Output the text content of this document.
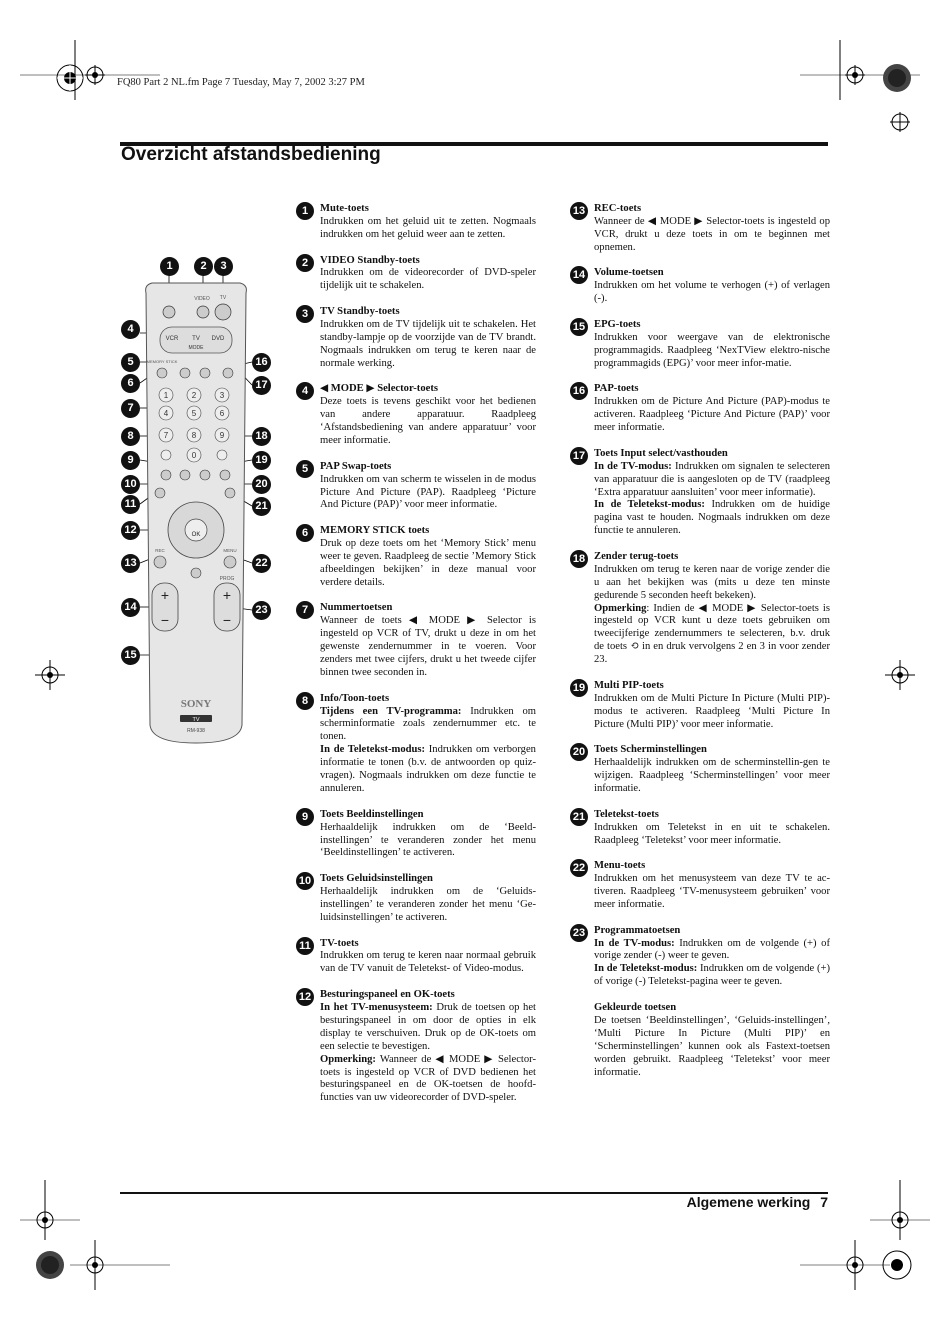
FQ80 Part 2 NL.fm Page 7 Tuesday, May 7, 2002 3:27 PM
Overzicht afstandsbediening
VIDEO TV
VCR TV DVD
MODE
MEMORY STICK
1	2	3
4	5	6
7	8	9
0
OK
REC	MENU
+
−
+
−
PROG
SONY
TV
RM-938
1	2	3
4
5
6
7
8
9
10
11
12
13
14
15
16
17
18
19
20
21
22
23
1	Mute-toets
Indrukken om het geluid uit te zetten. Nogmaals indrukken om het geluid weer aan te zetten.
2	VIDEO Standby-toets
Indrukken om de videorecorder of DVD-speler tijdelijk uit te schakelen.
3	TV Standby-toets
Indrukken om de TV tijdelijk uit te schakelen. Het standby-lampje op de voorzijde van de TV brandt. Nogmaals indrukken om terug te keren naar de normale werking.
4	◀ MODE ▶ Selector-toets
Deze toets is tevens geschikt voor het bedienen van andere apparatuur. Raadpleeg ‘Afstandsbediening van andere apparatuur’ voor meer informatie.
5	PAP Swap-toets
Indrukken om van scherm te wisselen in de modus Picture And Picture (PAP). Raadpleeg ‘Picture And Picture (PAP)’ voor meer informatie.
6	MEMORY STICK toets
Druk op deze toets om het ‘Memory Stick’ menu weer te geven. Raadpleeg de sectie ’Memory Stick afbeeldingen bekijken’ in deze manual voor verdere details.
7	Nummertoetsen
Wanneer de toets ◀ MODE ▶ Selector is ingesteld op VCR of TV, drukt u deze in om het gewenste zendernummer in te voeren. Voor zenders met twee cijfers, drukt u het tweede cijfer binnen twee seconden in.
8	Info/Toon-toets
Tijdens een TV-programma: Indrukken om scherminformatie zoals zendernummer etc. te tonen.
In de Teletekst-modus: Indrukken om verborgen informatie te tonen (b.v. de antwoorden op quiz-vragen). Nogmaals indrukken om deze functie te annuleren.
9	Toets Beeldinstellingen
Herhaaldelijk indrukken om de ‘Beeld-instellingen’ te veranderen zonder het menu ‘Beeldinstellingen’ te activeren.
10 Toets Geluidsinstellingen
Herhaaldelijk indrukken om de ‘Geluids-instellingen’ te veranderen zonder het menu ‘Ge-luidsinstellingen’ te activeren.
11 TV-toets
Indrukken om terug te keren naar normaal gebruik van de TV vanuit de Teletekst- of Video-modus.
12 Besturingspaneel en OK-toets
In het TV-menusysteem: Druk de toetsen op het besturingspaneel in om door de opties in elk display te verschuiven. Druk op de OK-toets om een selectie te bevestigen.
Opmerking: Wanneer de ◀ MODE ▶ Selector-toets is ingesteld op VCR of DVD bedienen het besturingspaneel en de OK-toetsen de hoofd-functies van uw videorecorder of DVD-speler.
13 REC-toets
Wanneer de ◀ MODE ▶ Selector-toets is ingesteld op VCR, drukt u deze toets in om te beginnen met opnemen.
14 Volume-toetsen
Indrukken om het volume te verhogen (+) of verlagen (-).
15 EPG-toets
Indrukken voor weergave van de elektronische programmagids. Raadpleeg ‘NexTView elektro-nische programmagids (EPG)’ voor meer infor-matie.
16 PAP-toets
Indrukken om de Picture And Picture (PAP)-modus te activeren. Raadpleeg ‘Picture And Picture (PAP)’ voor meer informatie.
17 Toets Input select/vasthouden
In de TV-modus: Indrukken om signalen te selecteren van apparatuur die is aangesloten op de TV (raadpleeg ‘Extra apparatuur aansluiten’ voor meer informatie).
In de Teletekst-modus: Indrukken om de huidige pagina vast te houden. Nogmaals indrukken om deze functie te annuleren.
18 Zender terug-toets
Indrukken om terug te keren naar de vorige zender die u aan het bekijken was (mits u deze ten minste gedurende 5 seconden heeft bekeken).
Opmerking: Indien de ◀ MODE ▶ Selector-toets is ingesteld op VCR kunt u deze toets gebruiken om tweecijferige zendernummers te selecteren, b.v. druk de toets ⟲ in en druk vervolgens 2 en 3 in voor zender 23.
19 Multi PIP-toets
Indrukken om de Multi Picture In Picture (Multi PIP)-modus te activeren. Raadpleeg ‘Multi Picture In Picture (Multi PIP)’ voor meer informatie.
20 Toets Scherminstellingen
Herhaaldelijk indrukken om de scherminstellin-gen te wijzigen. Raadpleeg ‘Scherminstellingen’ voor meer informatie.
21 Teletekst-toets
Indrukken om Teletekst in en uit te schakelen. Raadpleeg ‘Teletekst’ voor meer informatie.
22 Menu-toets
Indrukken om het menusysteem van deze TV te ac-tiveren. Raadpleeg ‘TV-menusysteem gebruiken’ voor meer informatie.
23 Programmatoetsen
In de TV-modus: Indrukken om de volgende (+) of vorige zender (-) weer te geven.
In de Teletekst-modus: Indrukken om de volgende (+) of vorige (-) Teletekst-pagina weer te geven.
Gekleurde toetsen
De toetsen ‘Beeldinstellingen’, ‘Geluids-instellingen’, ‘Multi Picture In Picture (Multi PIP)’ en ‘Scherminstellingen’ kunnen ook als Fastext-toetsen worden gebruikt. Raadpleeg ‘Teletekst’ voor meer informatie.
Algemene werking 7
